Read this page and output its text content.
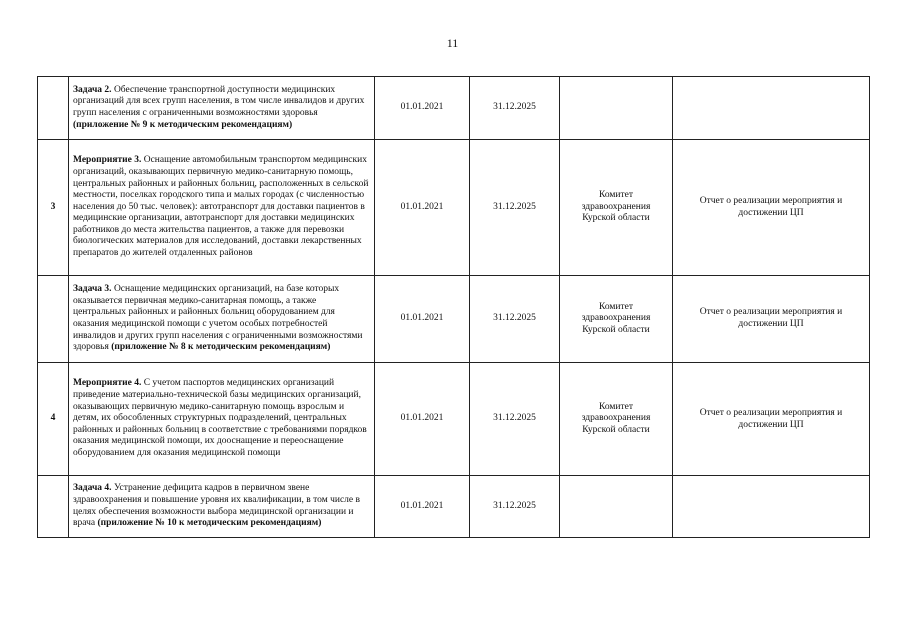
11
	Задача 2. Обеспечение транспортной доступности медицинских организаций для всех групп населения, в том числе инвалидов и других групп населения с ограниченными возможностями здоровья (приложение № 9 к методическим рекомендациям)	01.01.2021	31.12.2025		
3	Мероприятие 3. Оснащение автомобильным транспортом медицинских организаций, оказывающих первичную медико-санитарную помощь, центральных районных и районных больниц, расположенных в сельской местности, поселках городского типа и малых городах (с численностью населения до 50 тыс. человек): автотранспорт для доставки пациентов в медицинские организации, автотранспорт для доставки медицинских работников до места жительства пациентов, а также для перевозки биологических материалов для исследований, доставки лекарственных препаратов до жителей отдаленных районов	01.01.2021	31.12.2025	Комитет здравоохранения Курской области	Отчет о реализации мероприятия и достижении ЦП
	Задача 3. Оснащение медицинских организаций, на базе которых оказывается первичная медико-санитарная помощь, а также центральных районных и районных больниц оборудованием для оказания медицинской помощи с учетом особых потребностей инвалидов и других групп населения с ограниченными возможностями здоровья (приложение № 8 к методическим рекомендациям)	01.01.2021	31.12.2025	Комитет здравоохранения Курской области	Отчет о реализации мероприятия и достижении ЦП
4	Мероприятие 4. С учетом паспортов медицинских организаций приведение материально-технической базы медицинских организаций, оказывающих первичную медико-санитарную помощь взрослым и детям, их обособленных структурных подразделений, центральных районных и районных больниц в соответствие с требованиями порядков оказания медицинской помощи, их дооснащение и переоснащение оборудованием для оказания медицинской помощи	01.01.2021	31.12.2025	Комитет здравоохранения Курской области	Отчет о реализации мероприятия и достижении ЦП
	Задача 4. Устранение дефицита кадров в первичном звене здравоохранения и повышение уровня их квалификации, в том числе в целях обеспечения возможности выбора медицинской организации и врача (приложение № 10 к методическим рекомендациям)	01.01.2021	31.12.2025		
